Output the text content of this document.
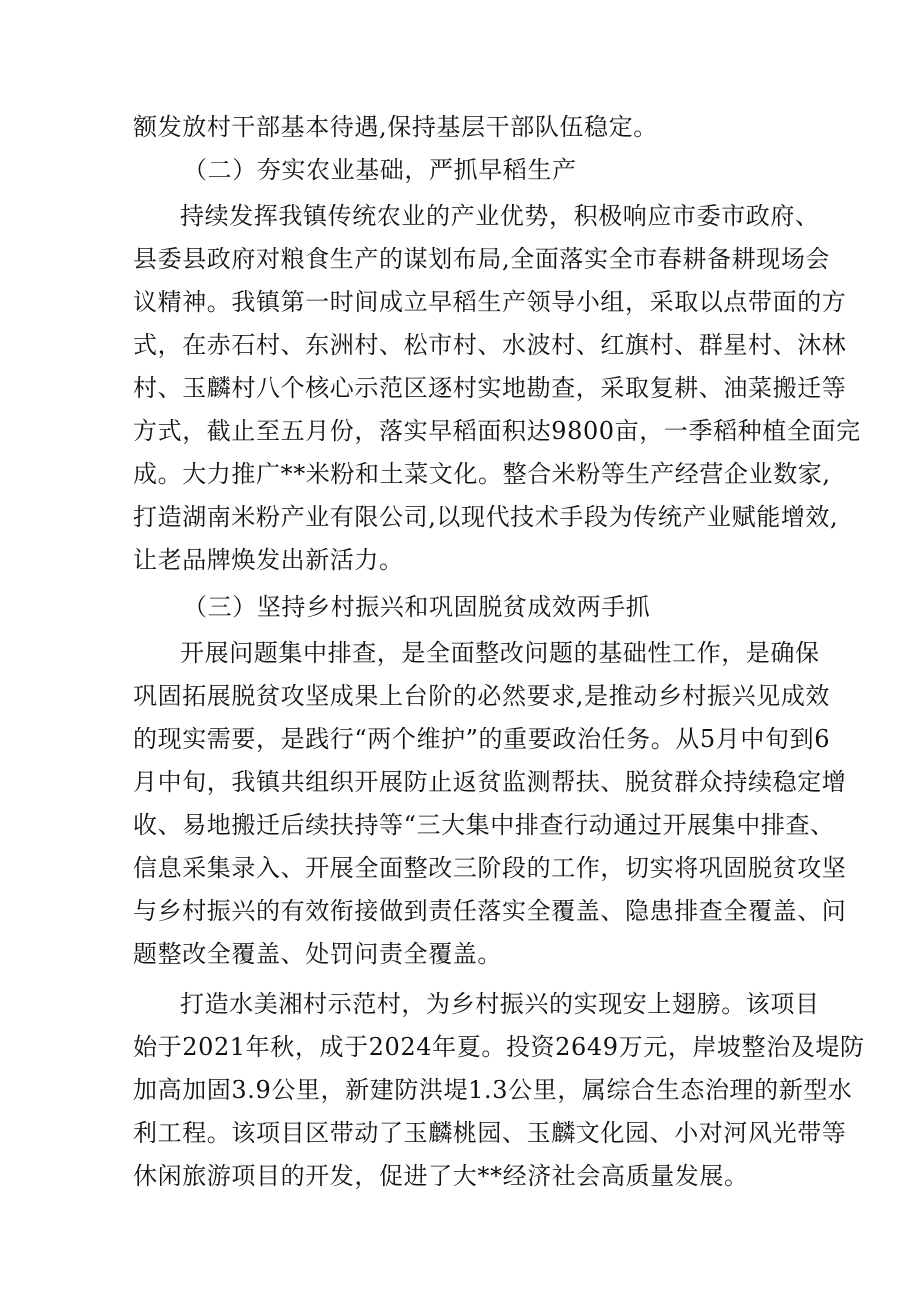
额发放村干部基本待遇,保持基层干部队伍稳定。
（二）夯实农业基础，严抓早稻生产
持续发挥我镇传统农业的产业优势，积极响应市委市政府、
县委县政府对粮食生产的谋划布局,全面落实全市春耕备耕现场会
议精神。我镇第一时间成立早稻生产领导小组，采取以点带面的方
式，在赤石村、东洲村、松市村、水波村、红旗村、群星村、沐林
村、玉麟村八个核心示范区逐村实地勘查，采取复耕、油菜搬迁等
方式，截止至五月份，落实早稻面积达9800亩，一季稻种植全面完
成。大力推广**米粉和土菜文化。整合米粉等生产经营企业数家,
打造湖南米粉产业有限公司,以现代技术手段为传统产业赋能增效,
让老品牌焕发出新活力。
（三）坚持乡村振兴和巩固脱贫成效两手抓
开展问题集中排查，是全面整改问题的基础性工作，是确保
巩固拓展脱贫攻坚成果上台阶的必然要求,是推动乡村振兴见成效
的现实需要，是践行“两个维护”的重要政治任务。从5月中旬到6
月中旬，我镇共组织开展防止返贫监测帮扶、脱贫群众持续稳定增
收、易地搬迁后续扶持等“三大集中排查行动通过开展集中排查、
信息采集录入、开展全面整改三阶段的工作，切实将巩固脱贫攻坚
与乡村振兴的有效衔接做到责任落实全覆盖、隐患排查全覆盖、问
题整改全覆盖、处罚问责全覆盖。
打造水美湘村示范村，为乡村振兴的实现安上翅膀。该项目
始于2021年秋，成于2024年夏。投资2649万元，岸坡整治及堤防
加高加固3.9公里，新建防洪堤1.3公里，属综合生态治理的新型水
利工程。该项目区带动了玉麟桃园、玉麟文化园、小对河风光带等
休闲旅游项目的开发，促进了大**经济社会高质量发展。
